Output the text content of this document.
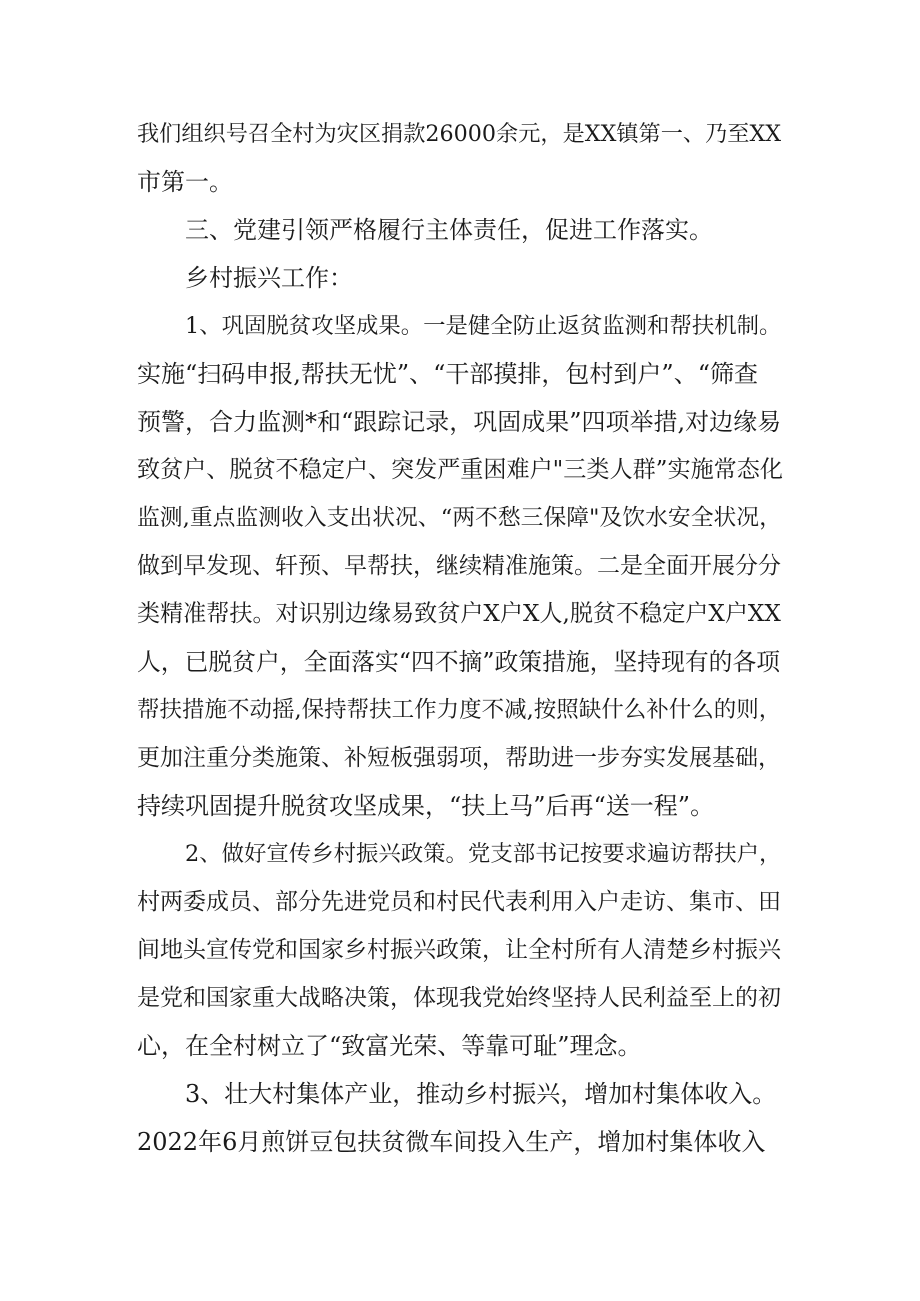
我们组织号召全村为灾区捐款26000余元，是XX镇第一、乃至XX

市第一。

三、党建引领严格履行主体责任，促进工作落实。

乡村振兴工作：

1、巩固脱贫攻坚成果。一是健全防止返贫监测和帮扶机制。

实施“扫码申报,帮扶无忧”、“干部摸排，包村到户”、“筛查

预警，合力监测*和“跟踪记录，巩固成果”四项举措,对边缘易

致贫户、脱贫不稳定户、突发严重困难户"三类人群”实施常态化

监测,重点监测收入支出状况、“两不愁三保障"及饮水安全状况，

做到早发现、轩预、早帮扶，继续精准施策。二是全面开展分分

类精准帮扶。对识别边缘易致贫户X户X人,脱贫不稳定户X户XX

人，已脱贫户，全面落实“四不摘”政策措施，坚持现有的各项

帮扶措施不动摇,保持帮扶工作力度不减,按照缺什么补什么的则，

更加注重分类施策、补短板强弱项，帮助进一步夯实发展基础，

持续巩固提升脱贫攻坚成果，“扶上马”后再“送一程”。

2、做好宣传乡村振兴政策。党支部书记按要求遍访帮扶户，

村两委成员、部分先进党员和村民代表利用入户走访、集市、田

间地头宣传党和国家乡村振兴政策，让全村所有人清楚乡村振兴

是党和国家重大战略决策，体现我党始终坚持人民利益至上的初

心，在全村树立了“致富光荣、等靠可耻”理念。

3、壮大村集体产业，推动乡村振兴，增加村集体收入。

2022年6月煎饼豆包扶贫微车间投入生产，增加村集体收入
